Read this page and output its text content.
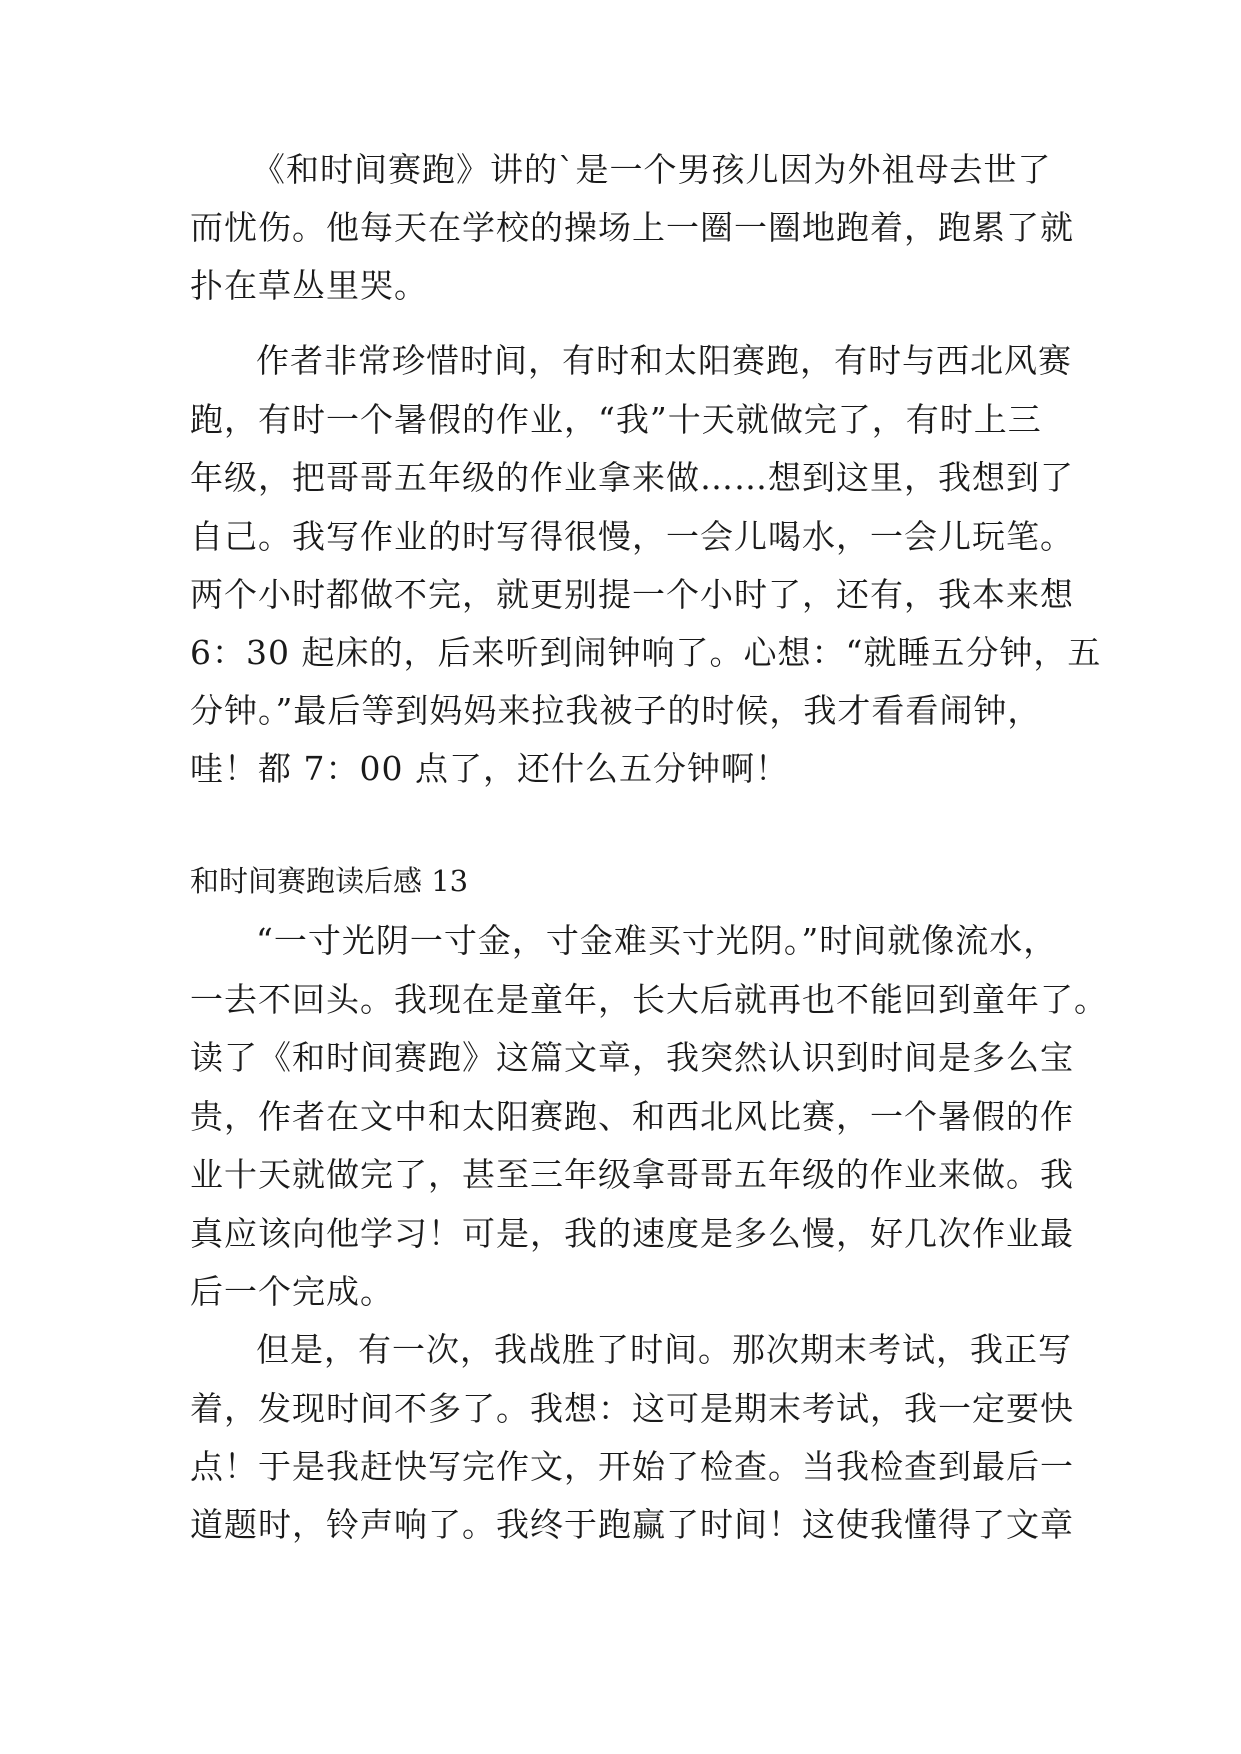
《和时间赛跑》讲的`是一个男孩儿因为外祖母去世了
而忧伤。他每天在学校的操场上一圈一圈地跑着，跑累了就
扑在草丛里哭。
作者非常珍惜时间，有时和太阳赛跑，有时与西北风赛
跑，有时一个暑假的作业，“我”十天就做完了，有时上三
年级，把哥哥五年级的作业拿来做……想到这里，我想到了
自己。我写作业的时写得很慢，一会儿喝水，一会儿玩笔。
两个小时都做不完，就更别提一个小时了，还有，我本来想
6：30 起床的，后来听到闹钟响了。心想：“就睡五分钟，五
分钟。”最后等到妈妈来拉我被子的时候，我才看看闹钟，
哇！都 7：00 点了，还什么五分钟啊！
和时间赛跑读后感 13
“一寸光阴一寸金，寸金难买寸光阴。”时间就像流水，
一去不回头。我现在是童年，长大后就再也不能回到童年了。
读了《和时间赛跑》这篇文章，我突然认识到时间是多么宝
贵，作者在文中和太阳赛跑、和西北风比赛，一个暑假的作
业十天就做完了，甚至三年级拿哥哥五年级的作业来做。我
真应该向他学习！可是，我的速度是多么慢，好几次作业最
后一个完成。
但是，有一次，我战胜了时间。那次期末考试，我正写
着，发现时间不多了。我想：这可是期末考试，我一定要快
点！于是我赶快写完作文，开始了检查。当我检查到最后一
道题时，铃声响了。我终于跑赢了时间！这使我懂得了文章
